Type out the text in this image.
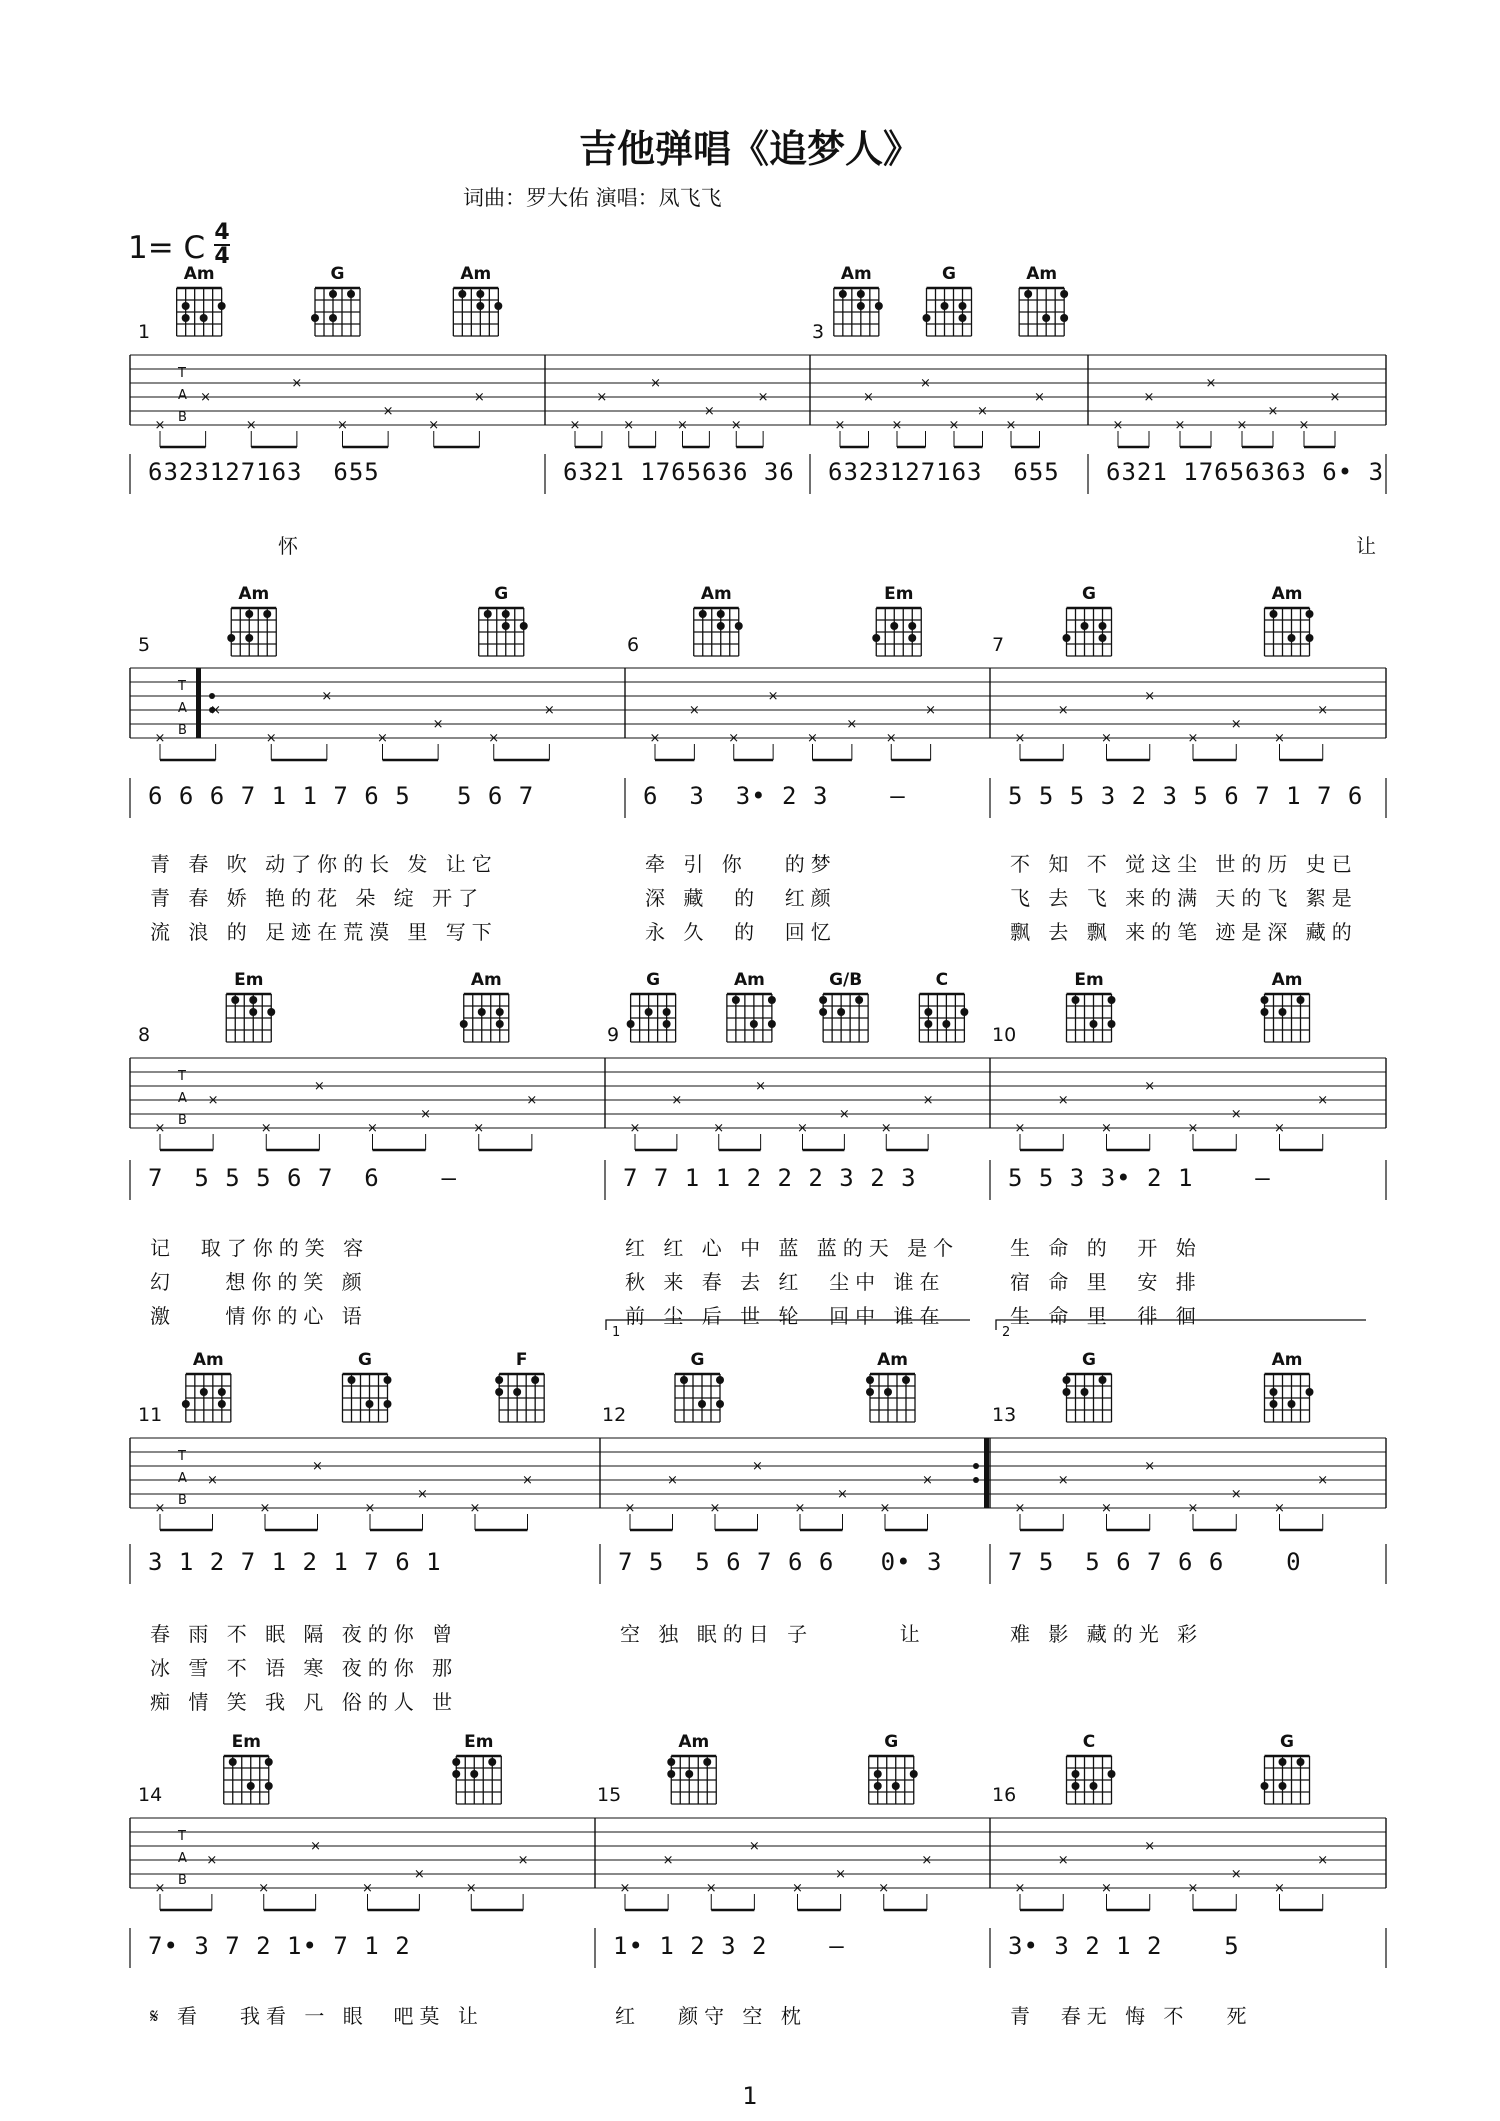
吉他弹唱《追梦人》
词曲：罗大佑 演唱：凤飞飞
1= C 4
4
T
A
B
×
×
×
×
×
×
×
×
×
×
×
×
×
×
×
×
×
×
×
×
×
×
×
×
×
×
×
×
×
×
×
×
1
Am	G	Am
6323127163  655
怀
6321 1765636 36
3
Am	G	Am
6323127163  655 6321 17656363 6• 3
让
T
A
B
×
×
×
×
×
×
×
×
×
×
×
×
×
×
×
×
×
×
×
×
×
×
×
×
5
Am	G
6 6 6 7 1 1 7 6 5   5 6 7
青 春 吹 动了你的长 发 让它
青 春 娇 艳的花 朵 绽 开了
流 浪 的 足迹在荒漠 里 写下
6
Am	Em
6  3  3• 2 3    —
牵 引 你   的梦
深 藏  的  红颜
永 久  的  回忆
7
G	Am
5 5 5 3 2 3 5 6 7 1 7 6
不 知 不 觉这尘 世的历 史已
飞 去 飞 来的满 天的飞 絮是
飘 去 飘 来的笔 迹是深 藏的
T
A
B
×
×
×
×
×
×
×
×
×
×
×
×
×
×
×
×
×
×
×
×
×
×
×
×
8
Em	Am
7  5 5 5 6 7  6    —
记  取了你的笑 容
幻    想你的笑 颜
激    情你的心 语
9
G	Am	G/B	C
7 7 1 1 2 2 2 3 2 3
红 红 心 中 蓝 蓝的天 是个
秋 来 春 去 红  尘中 谁在
前 尘 后 世 轮  回中 谁在
10
Em	Am
5 5 3 3• 2 1    —
生 命 的  开 始
宿 命 里  安 排
生 命 里  徘 徊
T
A
B
×
×
×
×
×
×
×
×
1
×
×
×
×
×
×
×
×
2
×
×
×
×
×
×
×
×
11
Am	G	F
3 1 2 7 1 2 1 7 6 1
春 雨 不 眠 隔 夜的你 曾
冰 雪 不 语 寒 夜的你 那
痴 情 笑 我 凡 俗的人 世
12
G	Am
7 5  5 6 7 6 6   0• 3
空 独 眠的日 子       让
13
G	Am
7 5  5 6 7 6 6    0
难 影 藏的光 彩
T
A
B
×
×
×
×
×
×
×
×
×
×
×
×
×
×
×
×
×
×
×
×
×
×
×
×
14
Em	Em
7• 3 7 2 1• 7 1 2
𝄋 看   我看 一 眼  吧莫 让
15
Am	G
1• 1 2 3 2    —
红   颜守 空 枕
16
C	G
3• 3 2 1 2    5
青  春无 悔 不   死
1
